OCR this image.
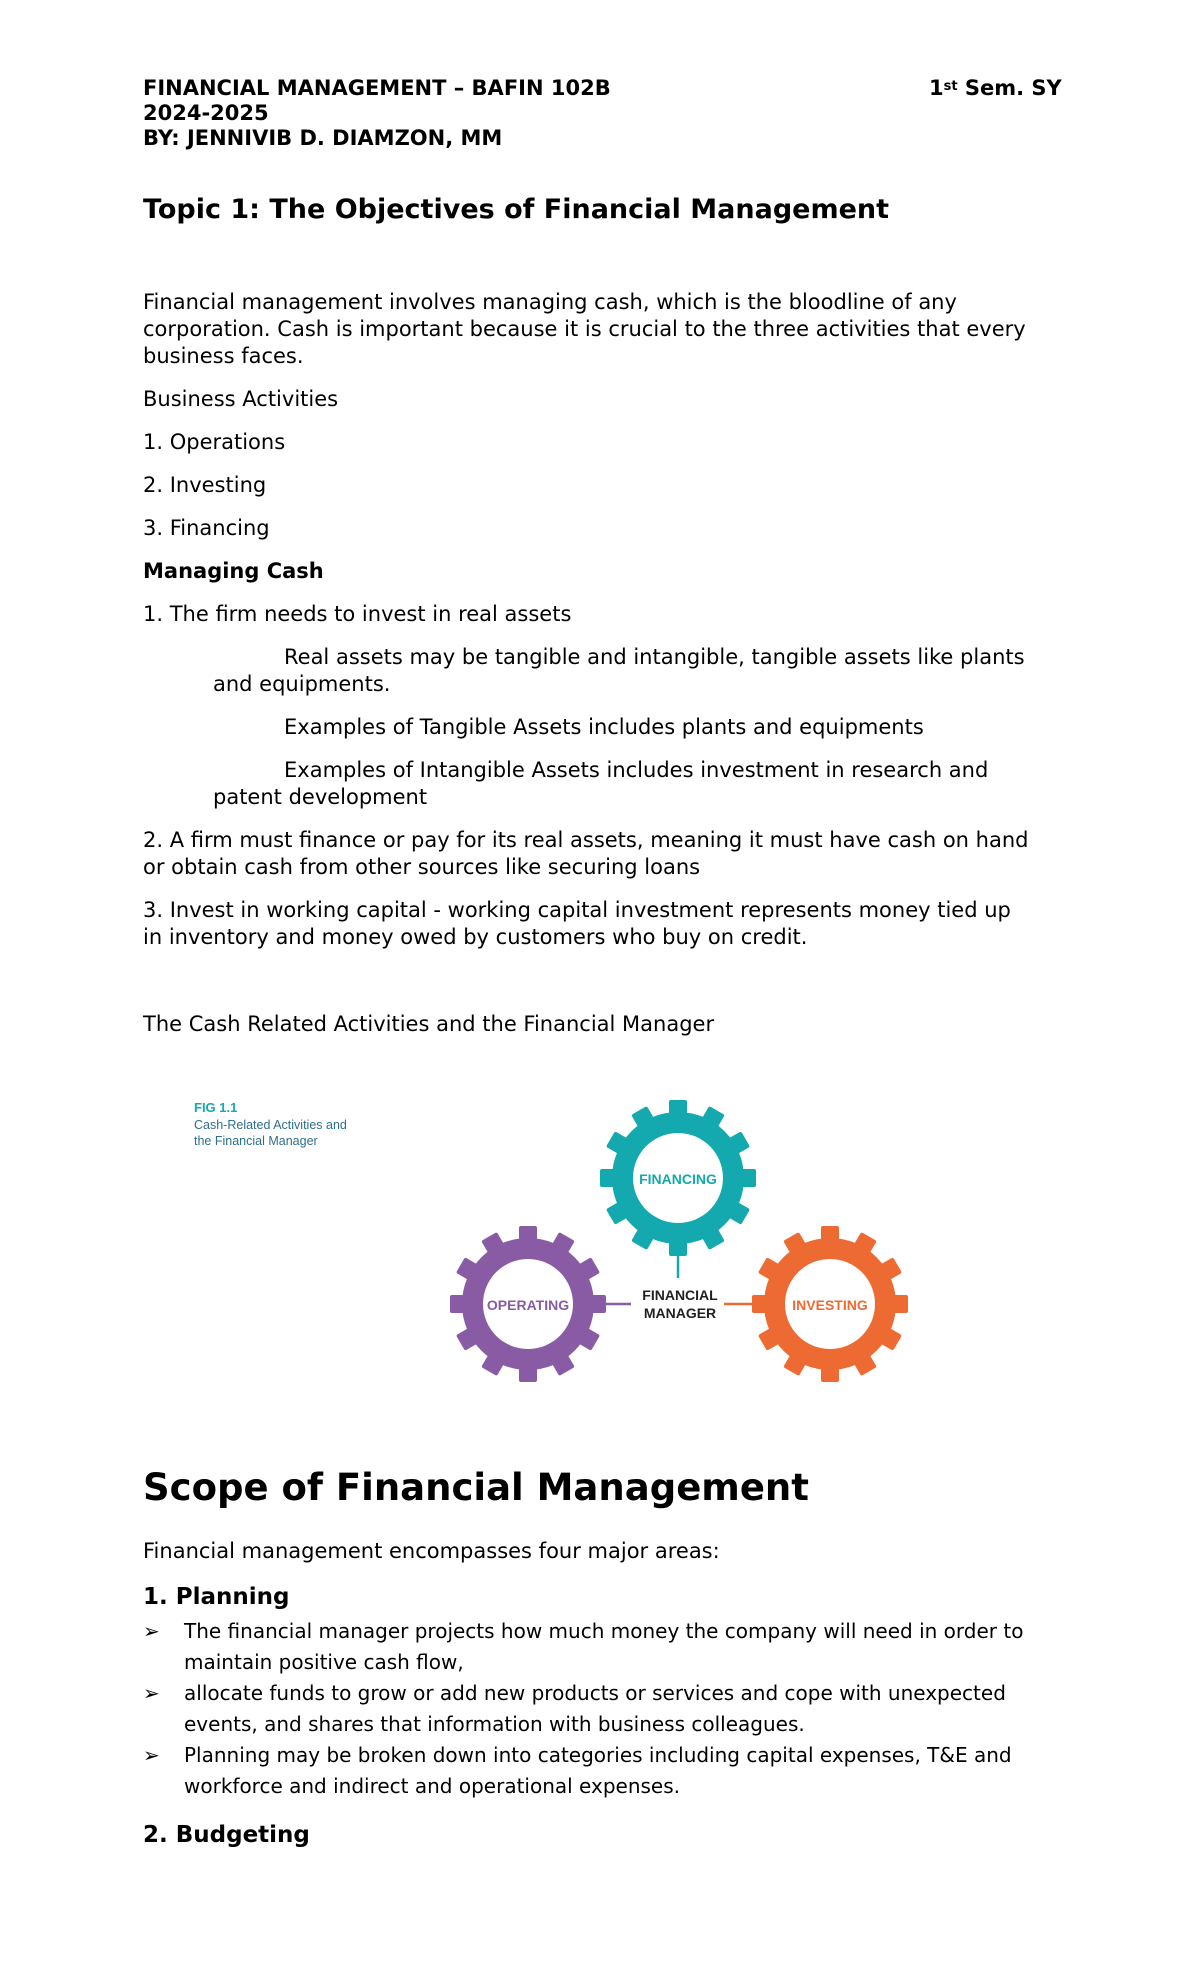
FINANCIAL MANAGEMENT – BAFIN 102B	1st Sem. SY
2024-2025
BY: JENNIVIB D. DIAMZON, MM
Topic 1: The Objectives of Financial Management
Financial management involves managing cash, which is the bloodline of any
corporation. Cash is important because it is crucial to the three activities that every
business faces.
Business Activities
1. Operations
2. Investing
3. Financing
Managing Cash
1. The firm needs to invest in real assets
Real assets may be tangible and intangible, tangible assets like plants
and equipments.
Examples of Tangible Assets includes plants and equipments
Examples of Intangible Assets includes investment in research and
patent development
2. A firm must finance or pay for its real assets, meaning it must have cash on hand
or obtain cash from other sources like securing loans
3. Invest in working capital - working capital investment represents money tied up
in inventory and money owed by customers who buy on credit.
The Cash Related Activities and the Financial Manager
FINANCING
OPERATING	INVESTING
FINANCIAL
MANAGER
FIG 1.1
Cash-Related Activities and
the Financial Manager
Scope of Financial Management
Financial management encompasses four major areas:
1. Planning
➢	The financial manager projects how much money the company will need in order to maintain positive cash flow,
➢	allocate funds to grow or add new products or services and cope with unexpected events, and shares that information with business colleagues.
➢	Planning may be broken down into categories including capital expenses, T&E and workforce and indirect and operational expenses.
2. Budgeting
